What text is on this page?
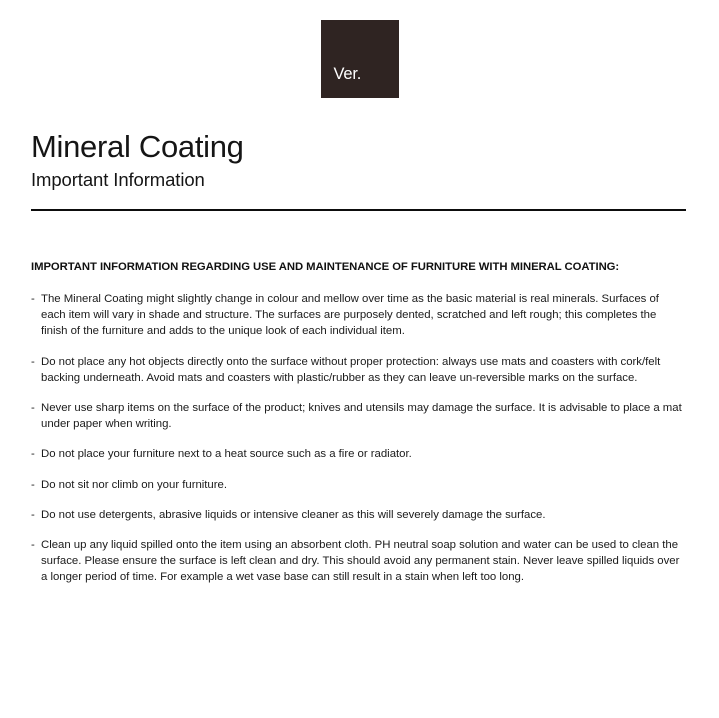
Ver.

smis

sen

Mineral Coating
Important Information

IMPORTANT INFORMATION REGARDING USE AND MAINTENANCE OF FURNITURE WITH MINERAL COATING:

- The Mineral Coating might slightly change in colour and mellow over time as the basic material is real minerals. Surfaces of each item will vary in shade and structure. The surfaces are purposely dented, scratched and left rough; this completes the finish of the furniture and adds to the unique look of each individual item.
- Do not place any hot objects directly onto the surface without proper protection: always use mats and coasters with cork/felt backing underneath. Avoid mats and coasters with plastic/rubber as they can leave un-reversible marks on the surface.
- Never use sharp items on the surface of the product; knives and utensils may damage the surface. It is advisable to place a mat under paper when writing.
- Do not place your furniture next to a heat source such as a fire or radiator.
- Do not sit nor climb on your furniture.
- Do not use detergents, abrasive liquids or intensive cleaner as this will severely damage the surface.
- Clean up any liquid spilled onto the item using an absorbent cloth. PH neutral soap solution and water can be used to clean the surface. Please ensure the surface is left clean and dry. This should avoid any permanent stain. Never leave spilled liquids over a longer period of time. For example a wet vase base can still result in a stain when left too long.
